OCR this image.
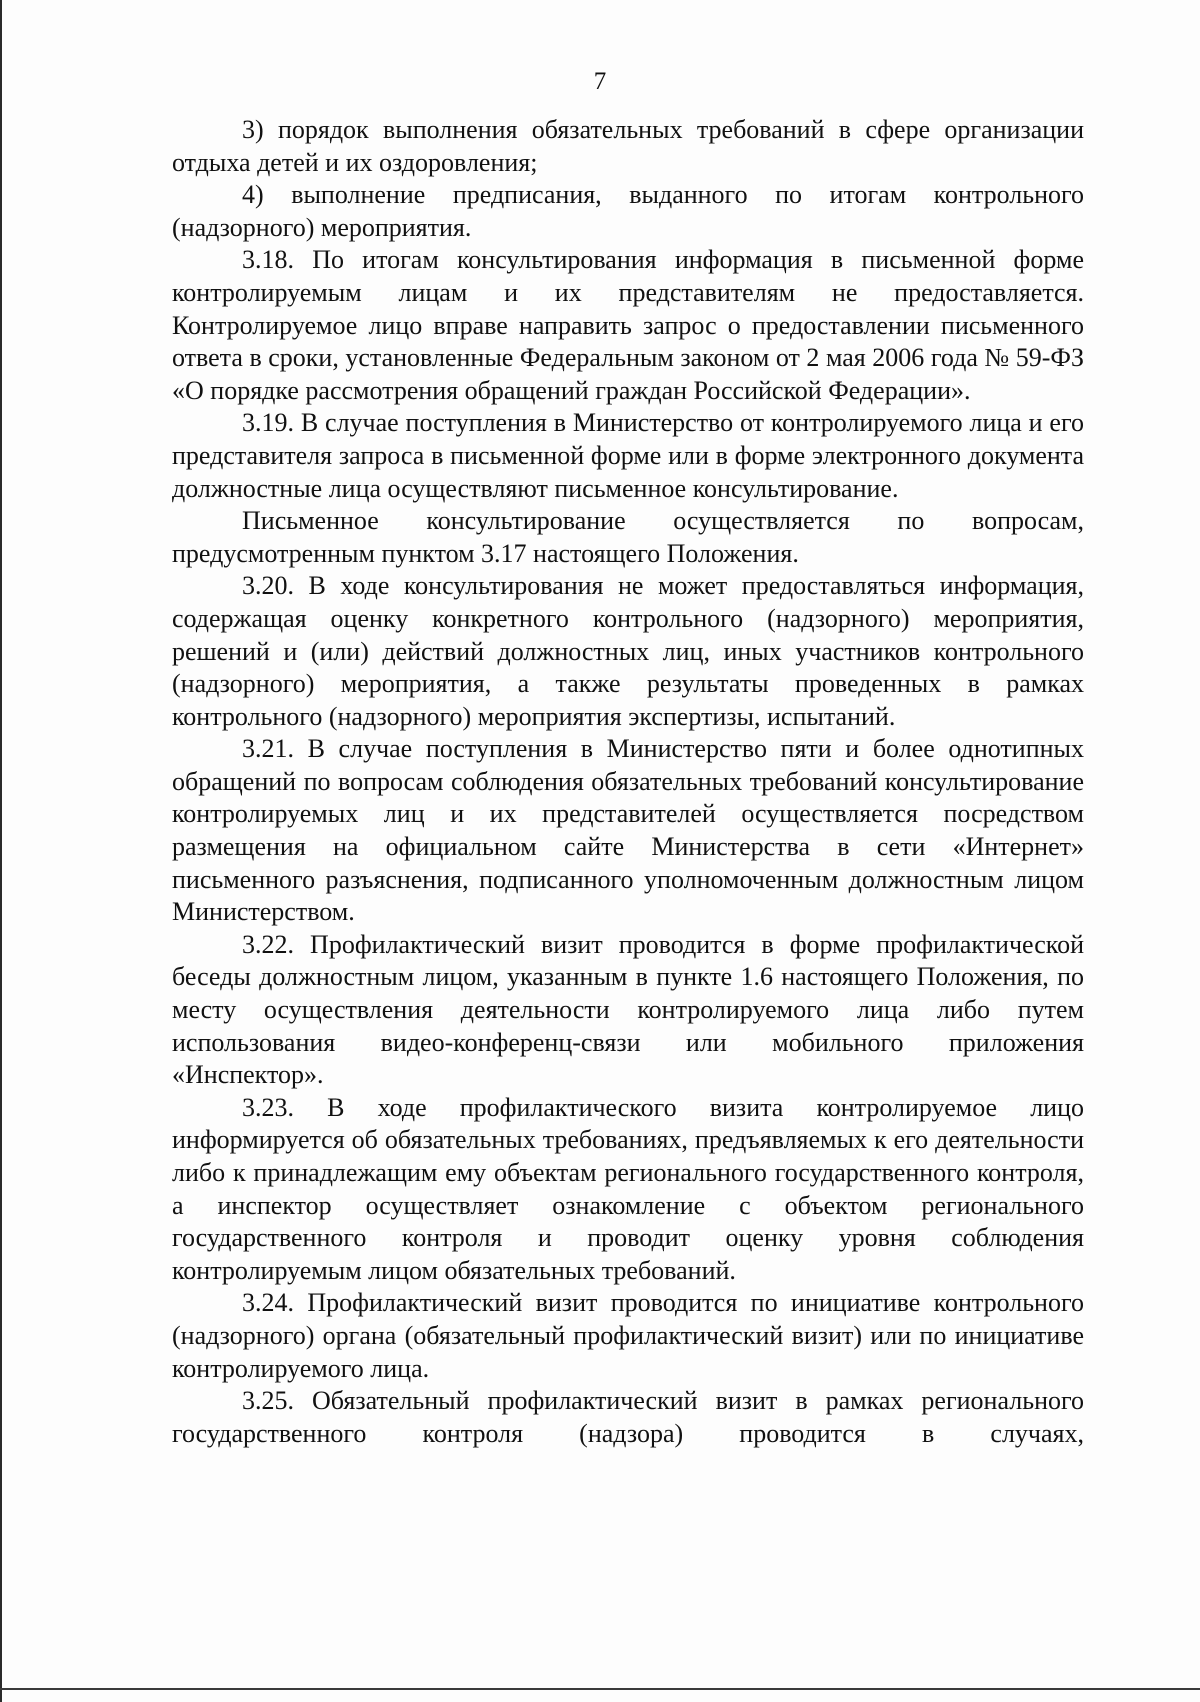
7

3) порядок выполнения обязательных требований в сфере организации отдыха детей и их оздоровления;

4) выполнение предписания, выданного по итогам контрольного (надзорного) мероприятия.

3.18. По итогам консультирования информация в письменной форме контролируемым лицам и их представителям не предоставляется. Контролируемое лицо вправе направить запрос о предоставлении письменного ответа в сроки, установленные Федеральным законом от 2 мая 2006 года № 59-ФЗ «О порядке рассмотрения обращений граждан Российской Федерации».

3.19. В случае поступления в Министерство от контролируемого лица и его представителя запроса в письменной форме или в форме электронного документа должностные лица осуществляют письменное консультирование.

Письменное консультирование осуществляется по вопросам, предусмотренным пунктом 3.17 настоящего Положения.

3.20. В ходе консультирования не может предоставляться информация, содержащая оценку конкретного контрольного (надзорного) мероприятия, решений и (или) действий должностных лиц, иных участников контрольного (надзорного) мероприятия, а также результаты проведенных в рамках контрольного (надзорного) мероприятия экспертизы, испытаний.

3.21. В случае поступления в Министерство пяти и более однотипных обращений по вопросам соблюдения обязательных требований консультирование контролируемых лиц и их представителей осуществляется посредством размещения на официальном сайте Министерства в сети «Интернет» письменного разъяснения, подписанного уполномоченным должностным лицом Министерством.

3.22. Профилактический визит проводится в форме профилактической беседы должностным лицом, указанным в пункте 1.6 настоящего Положения, по месту осуществления деятельности контролируемого лица либо путем использования видео-конференц-связи или мобильного приложения «Инспектор».

3.23. В ходе профилактического визита контролируемое лицо информируется об обязательных требованиях, предъявляемых к его деятельности либо к принадлежащим ему объектам регионального государственного контроля, а инспектор осуществляет ознакомление с объектом регионального государственного контроля и проводит оценку уровня соблюдения контролируемым лицом обязательных требований.

3.24. Профилактический визит проводится по инициативе контрольного (надзорного) органа (обязательный профилактический визит) или по инициативе контролируемого лица.

3.25. Обязательный профилактический визит в рамках регионального государственного контроля (надзора) проводится в случаях,
